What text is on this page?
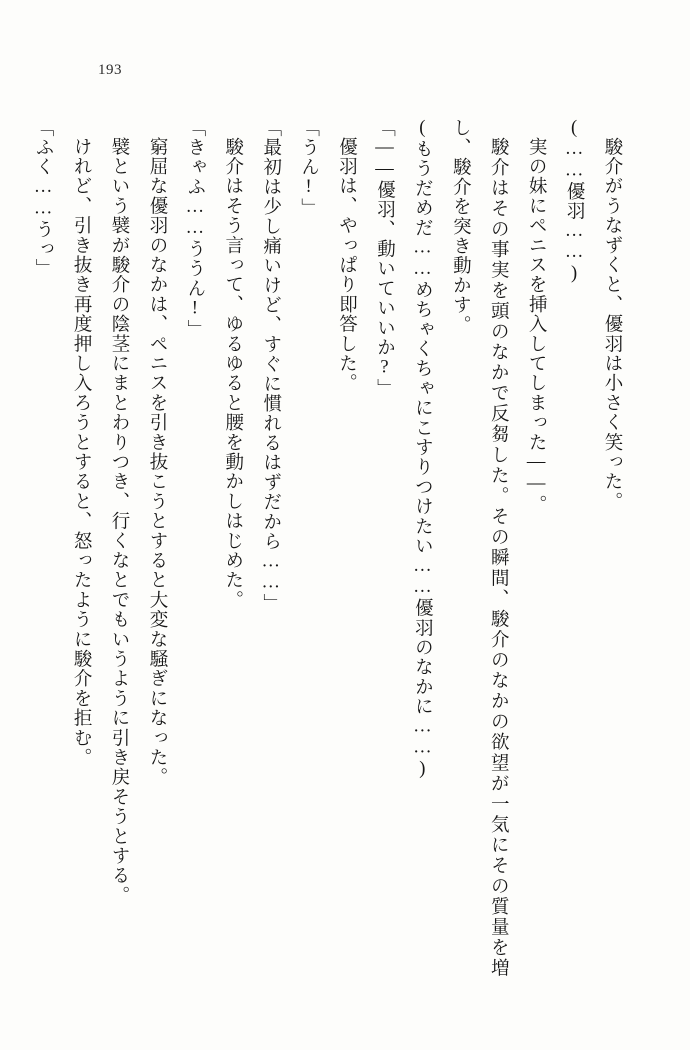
193

駿介がうなずくと、優羽は小さく笑った。

(……優羽……)

実の妹にペニスを挿入してしまった――。

駿介はその事実を頭のなかで反芻した。その瞬間、駿介のなかの欲望が一気にその質量を増し、駿介を突き動かす。

(もうだめだ……めちゃくちゃにこすりつけたい……優羽のなかに……)

「――優羽、動いていいか?」

優羽は、やっぱり即答した。

「うん!」

「最初は少し痛いけど、すぐに慣れるはずだから……」

駿介はそう言って、ゆるゆると腰を動かしはじめた。

「きゃふ……ううん!」

窮屈な優羽のなかは、ペニスを引き抜こうとすると大変な騒ぎになった。

襞という襞が駿介の陰茎にまとわりつき、行くなとでもいうように引き戻そうとする。

けれど、引き抜き再度押し入ろうとすると、怒ったように駿介を拒む。

「ふく……うっ」
